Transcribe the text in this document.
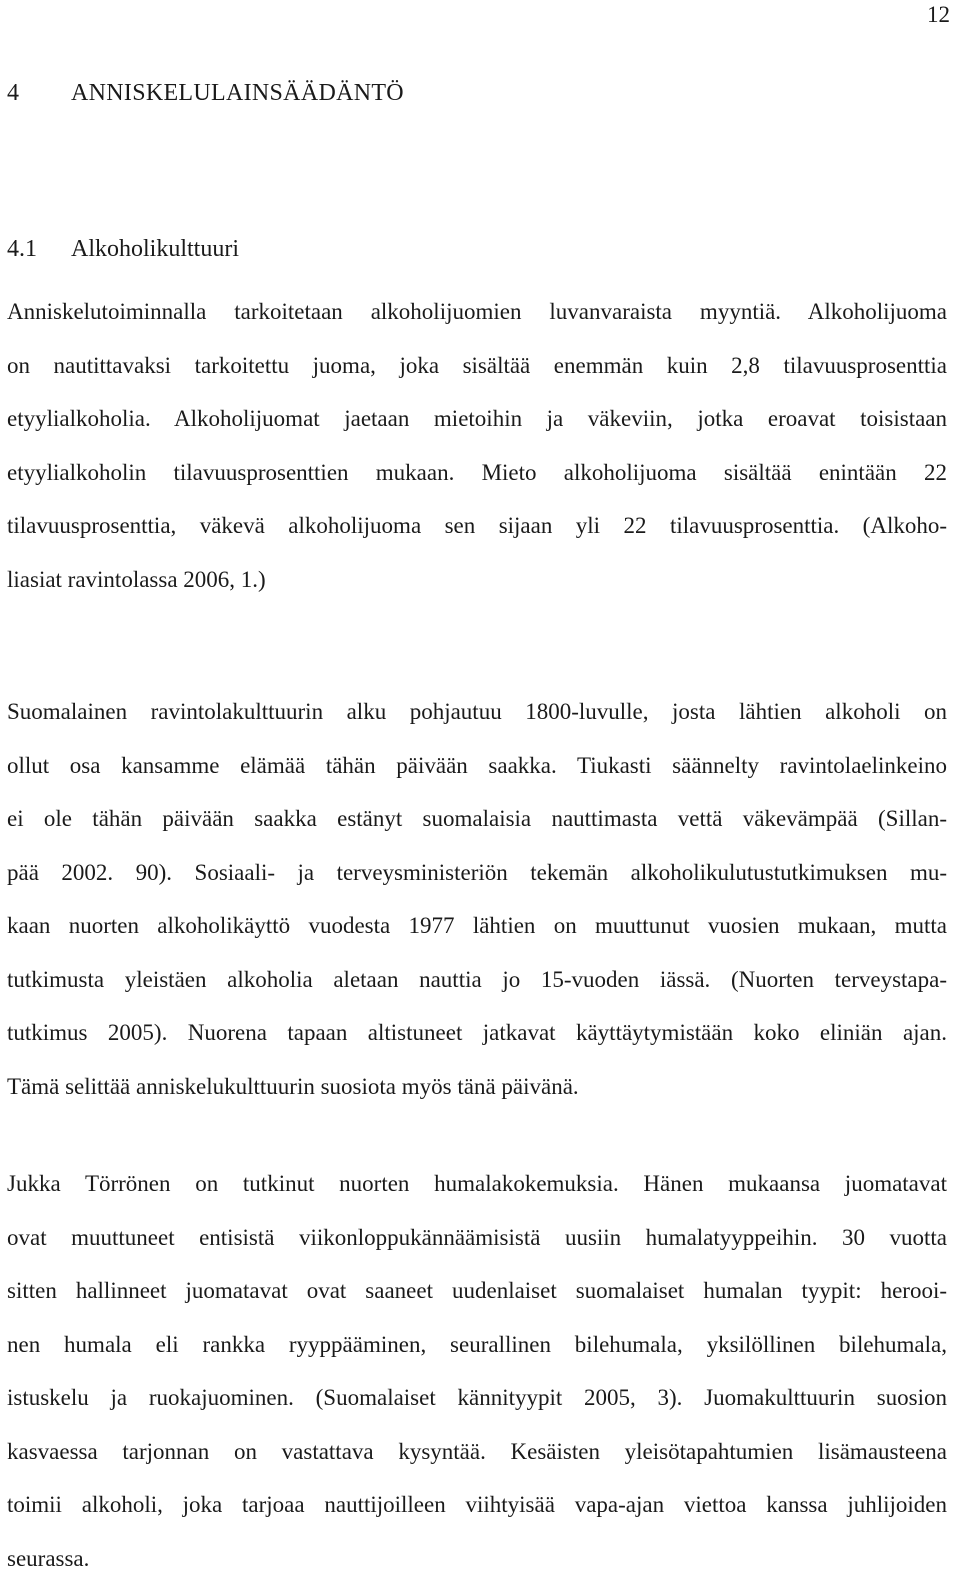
12
4 ANNISKELULAINSÄÄDÄNTÖ
4.1 Alkoholikulttuuri
Anniskelutoiminnalla tarkoitetaan alkoholijuomien luvanvaraista myyntiä. Alkoholijuoma
on nautittavaksi tarkoitettu juoma, joka sisältää enemmän kuin 2,8 tilavuusprosenttia
etyylialkoholia. Alkoholijuomat jaetaan mietoihin ja väkeviin, jotka eroavat toisistaan
etyylialkoholin tilavuusprosenttien mukaan. Mieto alkoholijuoma sisältää enintään 22
tilavuusprosenttia, väkevä alkoholijuoma sen sijaan yli 22 tilavuusprosenttia. (Alkoho-
liasiat ravintolassa 2006, 1.)
Suomalainen ravintolakulttuurin alku pohjautuu 1800-luvulle, josta lähtien alkoholi on
ollut osa kansamme elämää tähän päivään saakka. Tiukasti säännelty ravintolaelinkeino
ei ole tähän päivään saakka estänyt suomalaisia nauttimasta vettä väkevämpää (Sillan-
pää 2002. 90). Sosiaali- ja terveysministeriön tekemän alkoholikulutustutkimuksen mu-
kaan nuorten alkoholikäyttö vuodesta 1977 lähtien on muuttunut vuosien mukaan, mutta
tutkimusta yleistäen alkoholia aletaan nauttia jo 15-vuoden iässä. (Nuorten terveystapa-
tutkimus 2005). Nuorena tapaan altistuneet jatkavat käyttäytymistään koko eliniän ajan.
Tämä selittää anniskelukulttuurin suosiota myös tänä päivänä.
Jukka Törrönen on tutkinut nuorten humalakokemuksia. Hänen mukaansa juomatavat
ovat muuttuneet entisistä viikonloppukännäämisistä uusiin humalatyyppeihin. 30 vuotta
sitten hallinneet juomatavat ovat saaneet uudenlaiset suomalaiset humalan tyypit: herooi-
nen humala eli rankka ryyppääminen, seurallinen bilehumala, yksilöllinen bilehumala,
istuskelu ja ruokajuominen. (Suomalaiset kännityypit 2005, 3). Juomakulttuurin suosion
kasvaessa tarjonnan on vastattava kysyntää. Kesäisten yleisötapahtumien lisämausteena
toimii alkoholi, joka tarjoaa nauttijoilleen viihtyisää vapa-ajan viettoa kanssa juhlijoiden
seurassa.
